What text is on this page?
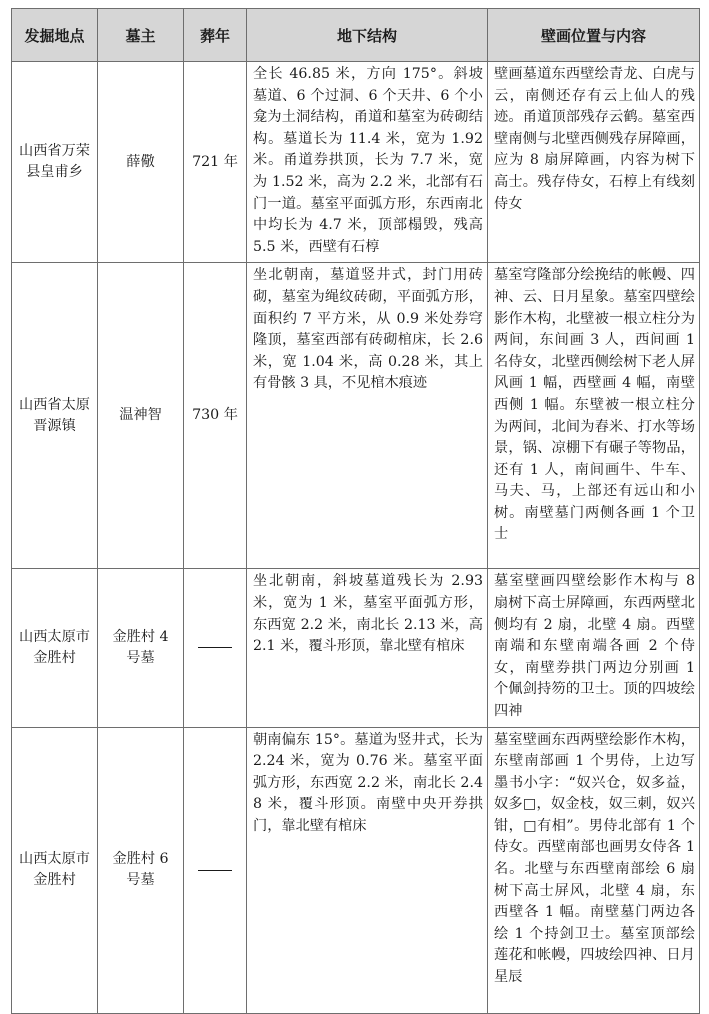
发掘地点	墓主	葬年	地下结构	壁画位置与内容
山西省万荣县皇甫乡	薛儆	721 年	全长 46.85 米，方向 175°。斜坡墓道、6 个过洞、6 个天井、6 个小龛为土洞结构，甬道和墓室为砖砌结构。墓道长为 11.4 米，宽为 1.92 米。甬道券拱顶，长为 7.7 米，宽为 1.52 米，高为 2.2 米，北部有石门一道。墓室平面弧方形，东西南北中均长为 4.7 米，顶部榻毁，残高 5.5 米，西壁有石椁	壁画墓道东西壁绘青龙、白虎与云，南侧还存有云上仙人的残迹。甬道顶部残存云鹤。墓室西壁南侧与北壁西侧残存屏障画，应为 8 扇屏障画，内容为树下高士。残存侍女，石椁上有线刻侍女
山西省太原晋源镇	温神智	730 年	坐北朝南，墓道竖井式，封门用砖砌，墓室为绳纹砖砌，平面弧方形，面积约 7 平方米，从 0.9 米处券穹隆顶，墓室西部有砖砌棺床，长 2.6 米，宽 1.04 米，高 0.28 米，其上有骨骸 3 具，不见棺木痕迹	墓室穹隆部分绘挽结的帐幔、四神、云、日月星象。墓室四壁绘影作木构，北壁被一根立柱分为两间，东间画 3 人，西间画 1 名侍女，北壁西侧绘树下老人屏风画 1 幅，西壁画 4 幅，南壁西侧 1 幅。东壁被一根立柱分为两间，北间为舂米、打水等场景，锅、凉棚下有碾子等物品，还有 1 人，南间画牛、牛车、马夫、马，上部还有远山和小树。南壁墓门两侧各画 1 个卫士
山西太原市金胜村	金胜村 4 号墓		坐北朝南，斜坡墓道残长为 2.93 米，宽为 1 米，墓室平面弧方形，东西宽 2.2 米，南北长 2.13 米，高 2.1 米，覆斗形顶，靠北壁有棺床	墓室壁画四壁绘影作木构与 8 扇树下高士屏障画，东西两壁北侧均有 2 扇，北壁 4 扇。西壁南端和东壁南端各画 2 个侍女，南壁券拱门两边分别画 1 个佩剑持笏的卫士。顶的四坡绘四神
山西太原市金胜村	金胜村 6 号墓		朝南偏东 15°。墓道为竖井式，长为 2.24 米，宽为 0.76 米。墓室平面弧方形，东西宽 2.2 米，南北长 2.48 米，覆斗形顶。南壁中央开券拱门，靠北壁有棺床	墓室壁画东西两壁绘影作木构，东壁南部画 1 个男侍，上边写墨书小字：“奴兴仓，奴多益，奴多□，奴金枝，奴三刺，奴兴钳，□有相”。男侍北部有 1 个侍女。西壁南部也画男女侍各 1 名。北壁与东西壁南部绘 6 扇树下高士屏风，北壁 4 扇，东西壁各 1 幅。南壁墓门两边各绘 1 个持剑卫士。墓室顶部绘莲花和帐幔，四坡绘四神、日月星辰
